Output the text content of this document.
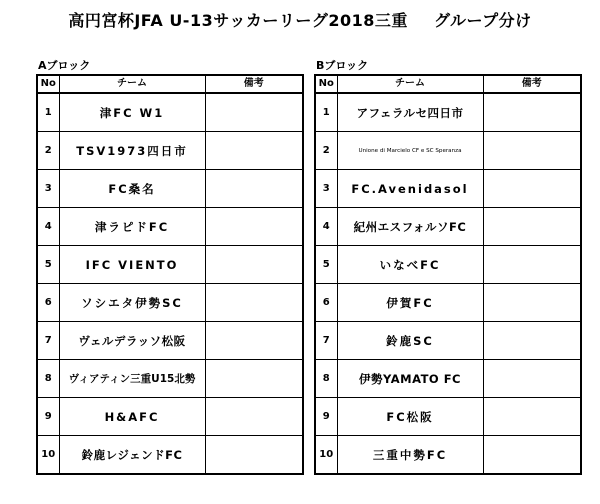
高円宮杯JFA U-13サッカーリーグ2018三重 グループ分け
Aブロック
No	チーム	備考
1	津FC W1	
2	TSV1973四日市	
3	FC桑名	
4	津ラピドFC	
5	IFC VIENTO	
6	ソシエタ伊勢SC	
7	ヴェルデラッソ松阪	
8	ヴィアティン三重U15北勢	
9	H&AFC	
10	鈴鹿レジェンドFC	
Bブロック
No	チーム	備考
1	アフェラルセ四日市	
2	Unione di Marcielo CF e SC Speranza	
3	FC.Avenidasol	
4	紀州エスフォルソFC	
5	いなべFC	
6	伊賀FC	
7	鈴鹿SC	
8	伊勢YAMATO FC	
9	FC松阪	
10	三重中勢FC	
